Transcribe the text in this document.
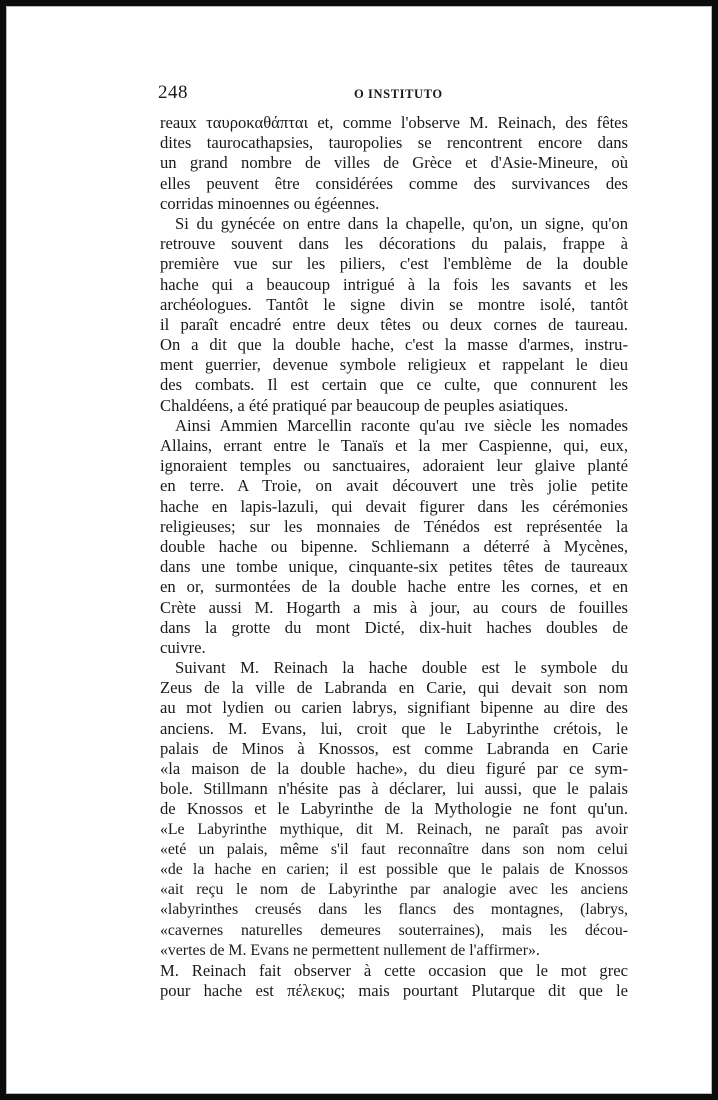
248	O INSTITUTO
reaux ταυροκαθάπται et, comme l'observe M. Reinach, des fêtes
dites taurocathapsies, tauropolies se rencontrent encore dans
un grand nombre de villes de Grèce et d'Asie-Mineure, où
elles peuvent être considérées comme des survivances des
corridas minoennes ou égéennes.
Si du gynécée on entre dans la chapelle, qu'on, un signe, qu'on
retrouve souvent dans les décorations du palais, frappe à
première vue sur les piliers, c'est l'emblème de la double
hache qui a beaucoup intrigué à la fois les savants et les
archéologues. Tantôt le signe divin se montre isolé, tantôt
il paraît encadré entre deux têtes ou deux cornes de taureau.
On a dit que la double hache, c'est la masse d'armes, instru-
ment guerrier, devenue symbole religieux et rappelant le dieu
des combats. Il est certain que ce culte, que connurent les
Chaldéens, a été pratiqué par beaucoup de peuples asiatiques.
Ainsi Ammien Marcellin raconte qu'au ɪᴠe siècle les nomades
Allains, errant entre le Tanaïs et la mer Caspienne, qui, eux,
ignoraient temples ou sanctuaires, adoraient leur glaive planté
en terre. A Troie, on avait découvert une très jolie petite
hache en lapis-lazuli, qui devait figurer dans les cérémonies
religieuses; sur les monnaies de Ténédos est représentée la
double hache ou bipenne. Schliemann a déterré à Mycènes,
dans une tombe unique, cinquante-six petites têtes de taureaux
en or, surmontées de la double hache entre les cornes, et en
Crète aussi M. Hogarth a mis à jour, au cours de fouilles
dans la grotte du mont Dicté, dix-huit haches doubles de
cuivre.
Suivant M. Reinach la hache double est le symbole du
Zeus de la ville de Labranda en Carie, qui devait son nom
au mot lydien ou carien labrys, signifiant bipenne au dire des
anciens. M. Evans, lui, croit que le Labyrinthe crétois, le
palais de Minos à Knossos, est comme Labranda en Carie
«la maison de la double hache», du dieu figuré par ce sym-
bole. Stillmann n'hésite pas à déclarer, lui aussi, que le palais
de Knossos et le Labyrinthe de la Mythologie ne font qu'un.
«Le Labyrinthe mythique, dit M. Reinach, ne paraît pas avoir
«eté un palais, même s'il faut reconnaître dans son nom celui
«de la hache en carien; il est possible que le palais de Knossos
«ait reçu le nom de Labyrinthe par analogie avec les anciens
«labyrinthes creusés dans les flancs des montagnes, (labrys,
«cavernes naturelles demeures souterraines), mais les décou-
«vertes de M. Evans ne permettent nullement de l'affirmer».
M. Reinach fait observer à cette occasion que le mot grec
pour hache est πέλεκυς; mais pourtant Plutarque dit que le
